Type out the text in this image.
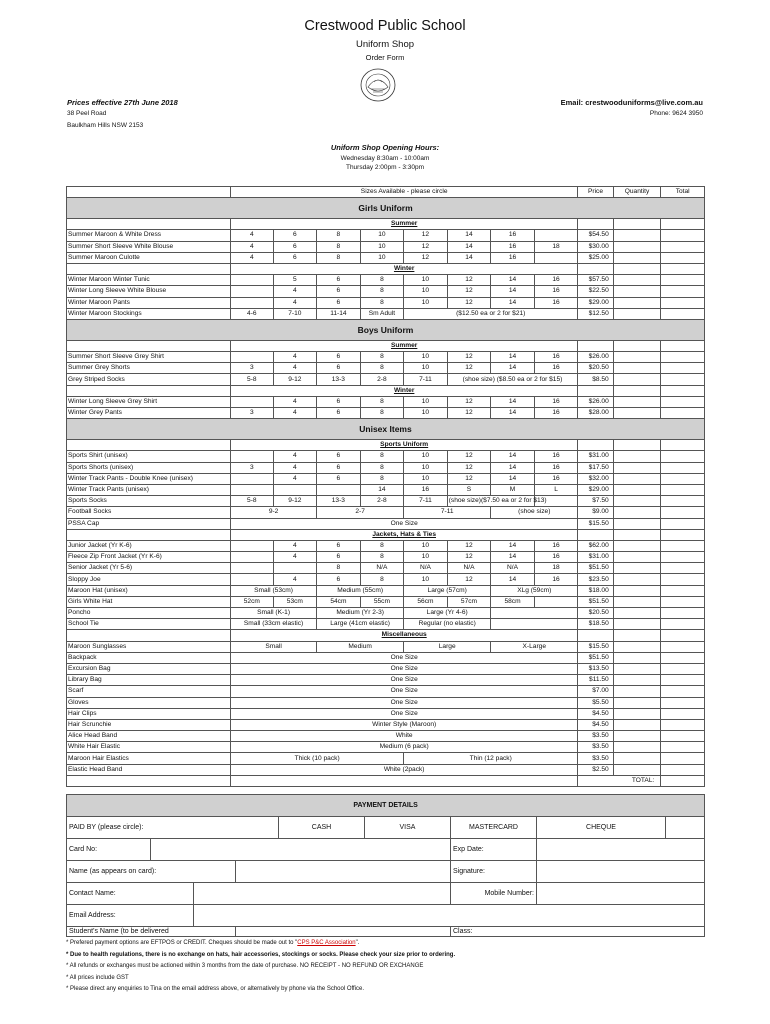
Crestwood Public School
Uniform Shop
Order Form
Prices effective 27th June 2018
38 Peel Road
Baulkham Hills NSW 2153
Email: crestwooduniforms@live.com.au
Phone: 9624 3950
Uniform Shop Opening Hours:
Wednesday 8:30am - 10:00am
Thursday 2:00pm - 3:30pm
	Sizes Available - please circle								Price	Quantity	Total
Girls Uniform											
	Summer										
Summer Maroon & White Dress	4	6	8	10	12	14	16		$54.50		
Summer Short Sleeve White Blouse	4	6	8	10	12	14	16	18	$30.00		
Summer Maroon Culotte	4	6	8	10	12	14	16		$25.00		
	Winter										
Winter Maroon Winter Tunic		5	6	8	10	12	14	16	$57.50		
Winter Long Sleeve White Blouse		4	6	8	10	12	14	16	$22.50		
Winter Maroon Pants		4	6	8	10	12	14	16	$29.00		
Winter Maroon Stockings	4-6	7-10	11-14	Sm Adult	($12.50 ea or 2 for $21)				$12.50		
Boys Uniform											
	Summer										
Summer Short Sleeve Grey Shirt		4	6	8	10	12	14	16	$26.00		
Summer Grey Shorts	3	4	6	8	10	12	14	16	$20.50		
Grey Striped Socks	5-8	9-12	13-3	2-8	7-11	(shoe size) ($8.50 ea or 2 for $15)			$8.50		
	Winter										
Winter Long Sleeve Grey Shirt		4	6	8	10	12	14	16	$26.00		
Winter Grey Pants	3	4	6	8	10	12	14	16	$28.00		
Unisex Items											
	Sports Uniform										
Sports Shirt (unisex)		4	6	8	10	12	14	16	$31.00		
Sports Shorts (unisex)	3	4	6	8	10	12	14	16	$17.50		
Winter Track Pants - Double Knee (unisex)		4	6	8	10	12	14	16	$32.00		
Winter Track Pants (unisex)				14	16	S	M	L	$29.00		
Sports Socks	5-8	9-12	13-3	2-8	7-11	(shoe size)($7.50 ea or 2 for $13)			$7.50		
Football Socks	9-2		2-7		7-11		(shoe size)		$9.00		
PSSA Cap	One Size								$15.50		
	Jackets, Hats & Ties										
Junior Jacket (Yr K-6)		4	6	8	10	12	14	16	$62.00		
Fleece Zip Front Jacket (Yr K-6)		4	6	8	10	12	14	16	$31.00		
Senior Jacket (Yr 5-6)			8	N/A	N/A	N/A	N/A	18	$51.50		
Sloppy Joe		4	6	8	10	12	14	16	$23.50		
Maroon Hat (unisex)	Small (53cm)		Medium (55cm)		Large (57cm)		XLg (59cm)		$18.00		
Girls White Hat	52cm	53cm	54cm	55cm	56cm	57cm	58cm		$51.50		
Poncho	Small (K-1)		Medium (Yr 2-3)		Large (Yr 4-6)				$20.50		
School Tie	Small (33cm elastic)		Large (41cm elastic)		Regular (no elastic)				$18.50		
	Miscellaneous										
Maroon Sunglasses	Small		Medium		Large		X-Large		$15.50		
Backpack	One Size								$51.50		
Excursion Bag	One Size								$13.50		
Library Bag	One Size								$11.50		
Scarf	One Size								$7.00		
Gloves	One Size								$5.50		
Hair Clips	One Size								$4.50		
Hair Scrunchie	Winter Style (Maroon)								$4.50		
Alice Head Band	White								$3.50		
White Hair Elastic	Medium (6 pack)								$3.50		
Maroon Hair Elastics	Thick (10 pack)				Thin (12 pack)				$3.50		
Elastic Head Band	White (2pack)								$2.50		
									TOTAL:		
PAYMENT DETAILS								
PAID BY (please circle):				CASH	VISA	MASTERCARD	CHEQUE	
Card No:						Exp Date:		
Name (as appears on card):						Signature:		
Contact Name:						Mobile Number:		
Email Address:								
Student's Name (to be delivered						Class:		
* Prefered payment options are EFTPOS or CREDIT. Cheques should be made out to "CPS P&C Association".
* Due to health regulations, there is no exchange on hats, hair accessories, stockings or socks. Please check your size prior to ordering.
* All refunds or exchanges must be actioned within 3 months from the date of purchase. NO RECEIPT - NO REFUND OR EXCHANGE
* All prices include GST
* Please direct any enquiries to Tina on the email address above, or alternatively by phone via the School Office.
